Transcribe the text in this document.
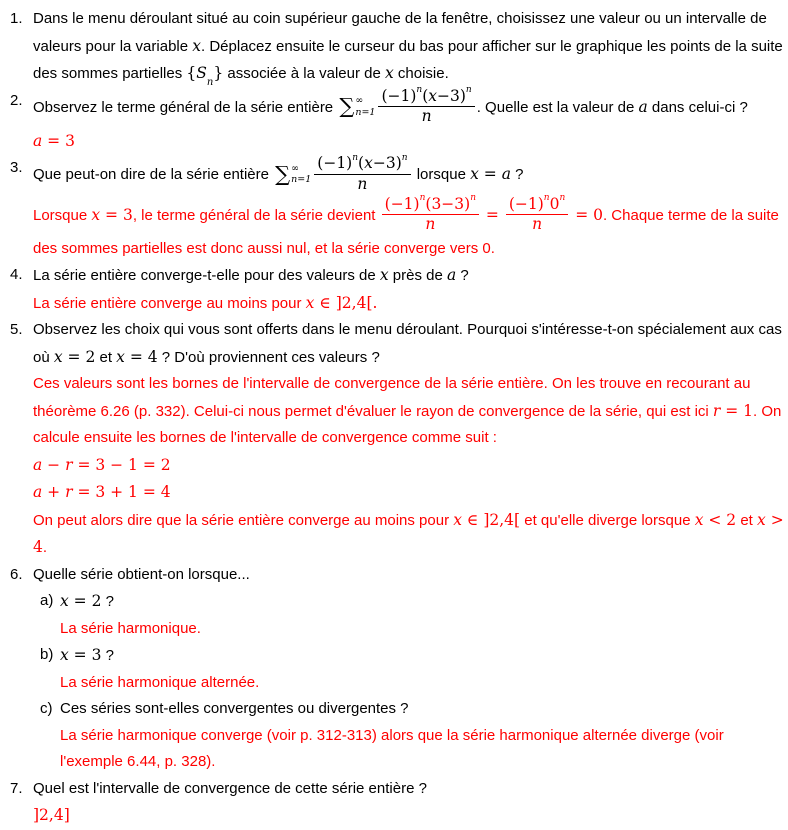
1. Dans le menu déroulant situé au coin supérieur gauche de la fenêtre, choisissez une valeur ou un intervalle de valeurs pour la variable x. Déplacez ensuite le curseur du bas pour afficher sur le graphique les points de la suite des sommes partielles $\{S_n\}$ associée à la valeur de x choisie.
2. Observez le terme général de la série entière ∑ ∞
$n=1 \frac{(-1)^n(x-3)^n}{n}$ . Quelle est la valeur de a dans celui-ci ?
a = 3
3. Que peut-on dire de la série entière ∑ ∞
$n=1 \frac{(-1)^n(x-3)^n}{n}$ lorsque x = a ?
Lorsque x = 3, le terme général de la série devient $\frac{(-1)^n(3-3)^n}{n} = \frac{(-1)^n0^n}{n} = 0$. Chaque terme de la suite des sommes partielles est donc aussi nul, et la série converge vers 0.
4. La série entière converge-t-elle pour des valeurs de x près de a ?
La série entière converge au moins pour x ∈ ]2,4[.
5. Observez les choix qui vous sont offerts dans le menu déroulant. Pourquoi s'intéresse-t-on spécialement aux cas où x = 2 et x = 4 ? D'où proviennent ces valeurs ?
Ces valeurs sont les bornes de l'intervalle de convergence de la série entière. On les trouve en recourant au théorème 6.26 (p. 332). Celui-ci nous permet d'évaluer le rayon de convergence de la série, qui est ici r = 1. On calcule ensuite les bornes de l'intervalle de convergence comme suit :
a − r = 3 − 1 = 2
a + r = 3 + 1 = 4
On peut alors dire que la série entière converge au moins pour x ∈ ]2,4[ et qu'elle diverge lorsque x < 2 et x > 4.
6. Quelle série obtient-on lorsque...
a) x = 2 ?
La série harmonique.
b) x = 3 ?
La série harmonique alternée.
c) Ces séries sont-elles convergentes ou divergentes ?
La série harmonique converge (voir p. 312-313) alors que la série harmonique alternée diverge (voir l'exemple 6.44, p. 328).
7. Quel est l'intervalle de convergence de cette série entière ?
]2,4]
